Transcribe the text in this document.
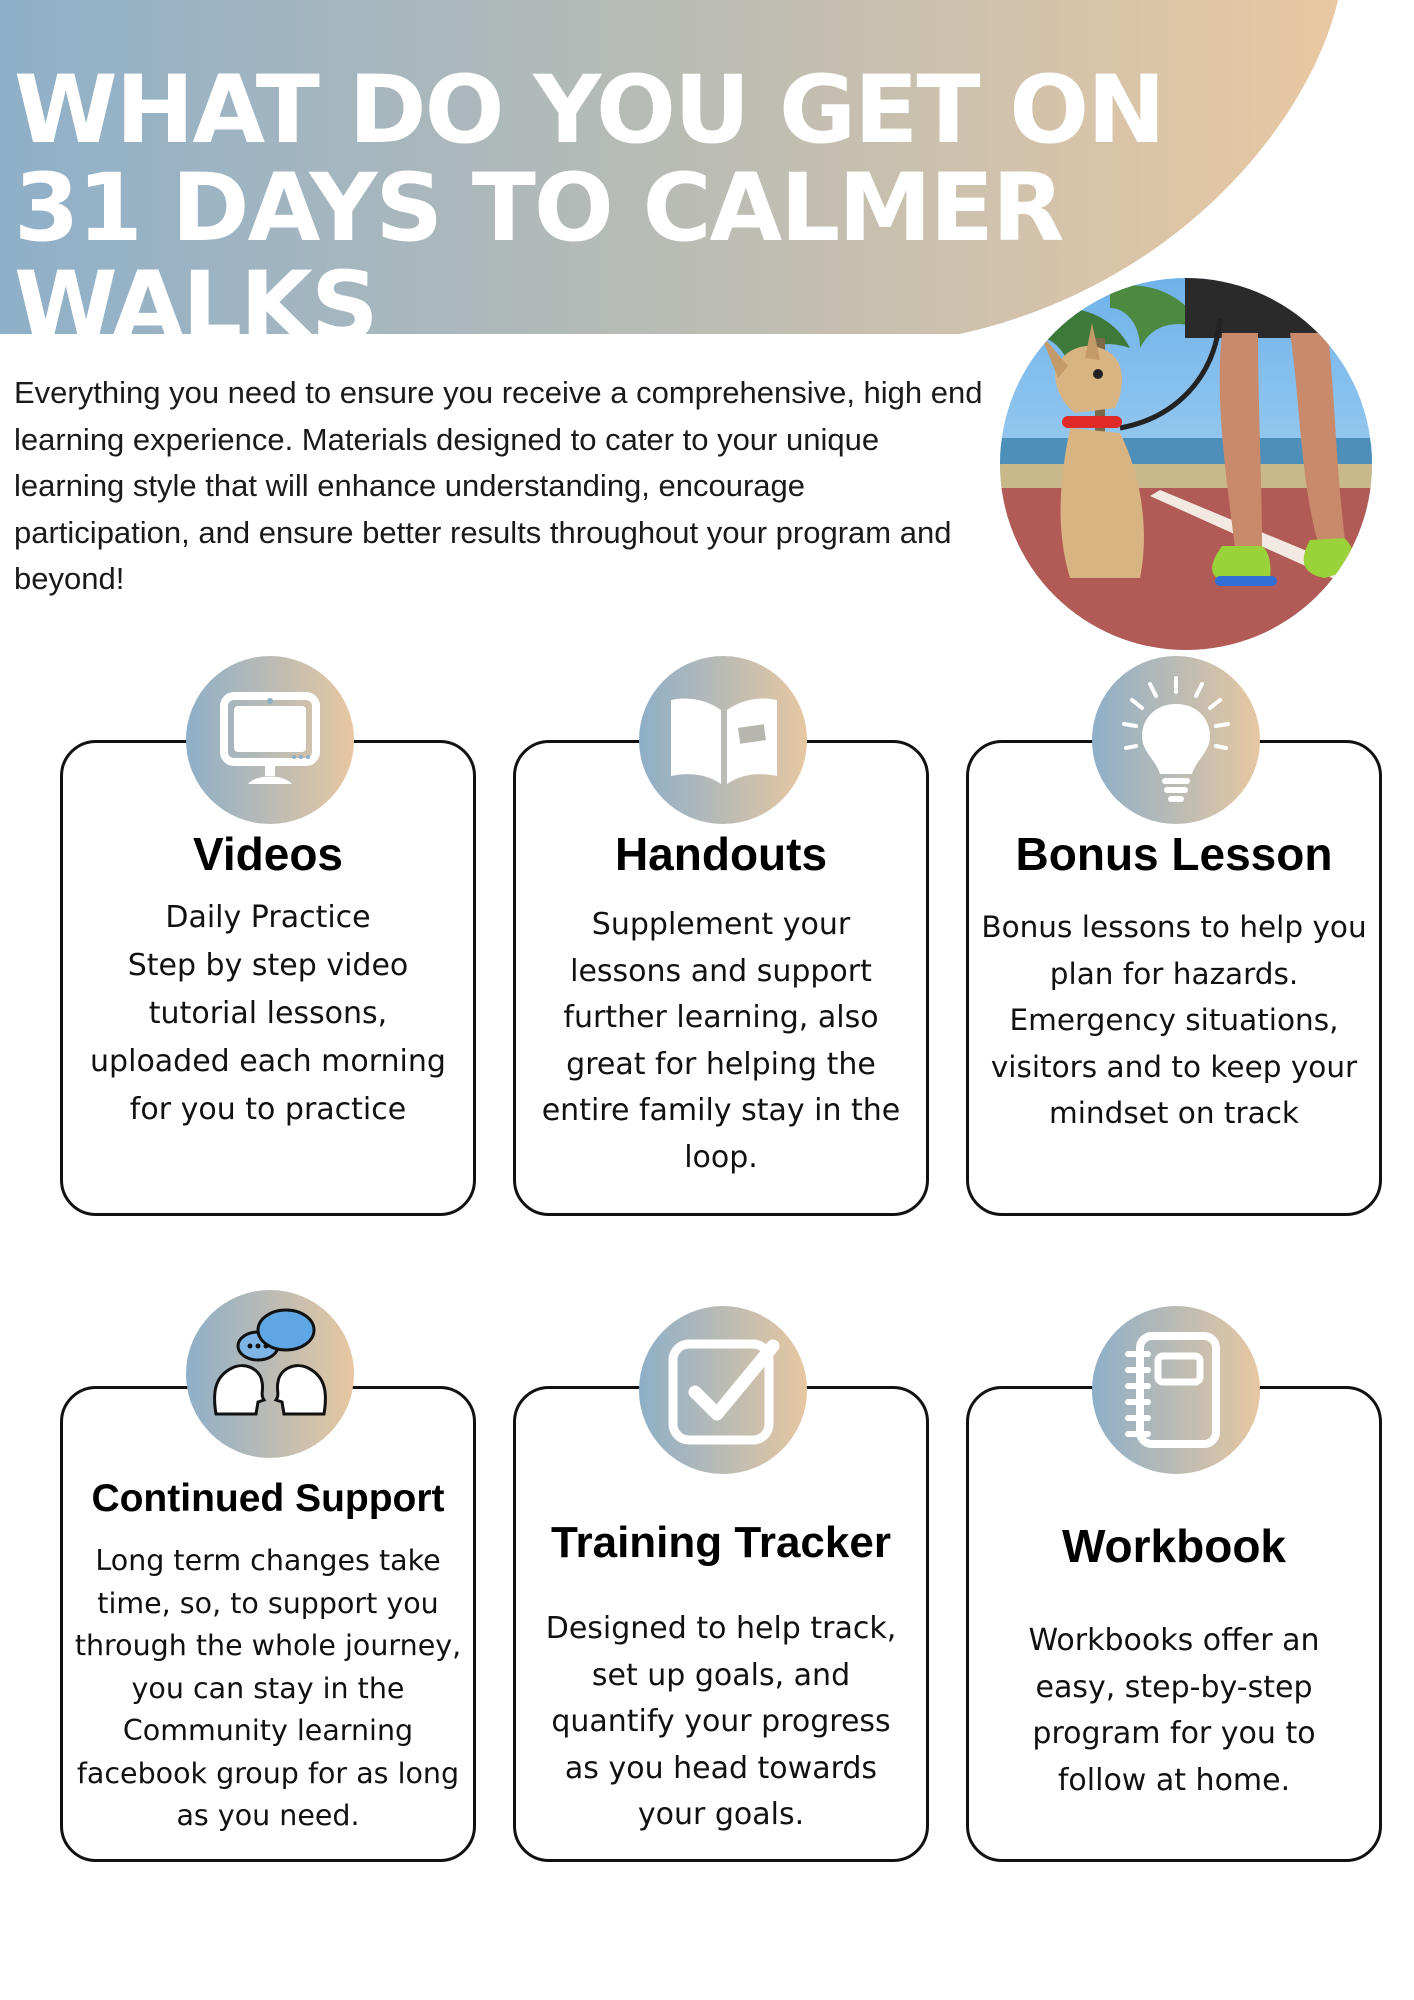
WHAT DO YOU GET ON 31 DAYS TO CALMER WALKS

Everything you need to ensure you receive a comprehensive, high end learning experience. Materials designed to cater to your unique learning style that will enhance understanding, encourage participation, and ensure better results throughout your program and beyond!

Videos

Daily Practice
Step by step video
tutorial lessons,
uploaded each morning
for you to practice

Handouts

Supplement your
lessons and support
further learning, also
great for helping the
entire family stay in the
loop.

Bonus Lesson

Bonus lessons to help you
plan for hazards.
Emergency situations,
visitors and to keep your
mindset on track

Continued Support

Long term changes take
time, so, to support you
through the whole journey,
you can stay in the
Community learning
facebook group for as long
as you need.

Training Tracker

Designed to help track,
set up goals, and
quantify your progress
as you head towards
your goals.

Workbook

Workbooks offer an
easy, step-by-step
program for you to
follow at home.
